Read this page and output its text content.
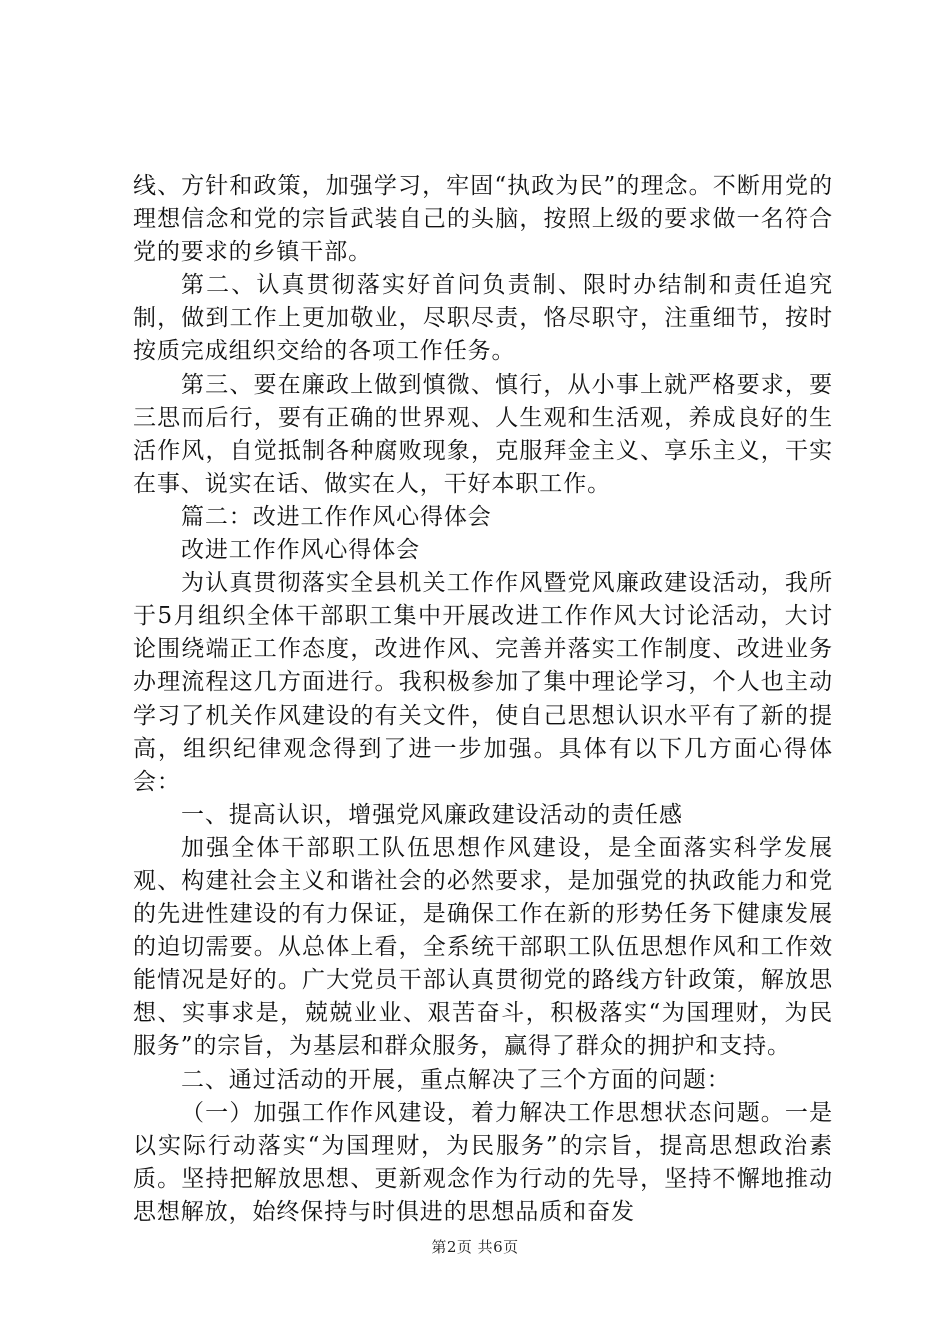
线、方针和政策，加强学习，牢固“执政为民”的理念。不断用党的理想信念和党的宗旨武装自己的头脑，按照上级的要求做一名符合党的要求的乡镇干部。

第二、认真贯彻落实好首问负责制、限时办结制和责任追究制，做到工作上更加敬业，尽职尽责，恪尽职守，注重细节，按时按质完成组织交给的各项工作任务。

第三、要在廉政上做到慎微、慎行，从小事上就严格要求，要三思而后行，要有正确的世界观、人生观和生活观，养成良好的生活作风，自觉抵制各种腐败现象，克服拜金主义、享乐主义，干实在事、说实在话、做实在人，干好本职工作。

篇二：改进工作作风心得体会

改进工作作风心得体会

为认真贯彻落实全县机关工作作风暨党风廉政建设活动，我所于5月组织全体干部职工集中开展改进工作作风大讨论活动，大讨论围绕端正工作态度，改进作风、完善并落实工作制度、改进业务办理流程这几方面进行。我积极参加了集中理论学习，个人也主动学习了机关作风建设的有关文件，使自己思想认识水平有了新的提高，组织纪律观念得到了进一步加强。具体有以下几方面心得体会：

一、提高认识，增强党风廉政建设活动的责任感

加强全体干部职工队伍思想作风建设，是全面落实科学发展观、构建社会主义和谐社会的必然要求，是加强党的执政能力和党的先进性建设的有力保证，是确保工作在新的形势任务下健康发展的迫切需要。从总体上看，全系统干部职工队伍思想作风和工作效能情况是好的。广大党员干部认真贯彻党的路线方针政策，解放思想、实事求是，兢兢业业、艰苦奋斗，积极落实“为国理财，为民服务”的宗旨，为基层和群众服务，赢得了群众的拥护和支持。

二、通过活动的开展，重点解决了三个方面的问题：

（一）加强工作作风建设，着力解决工作思想状态问题。一是以实际行动落实“为国理财，为民服务”的宗旨，提高思想政治素质。坚持把解放思想、更新观念作为行动的先导，坚持不懈地推动思想解放，始终保持与时俱进的思想品质和奋发

第2页 共6页
